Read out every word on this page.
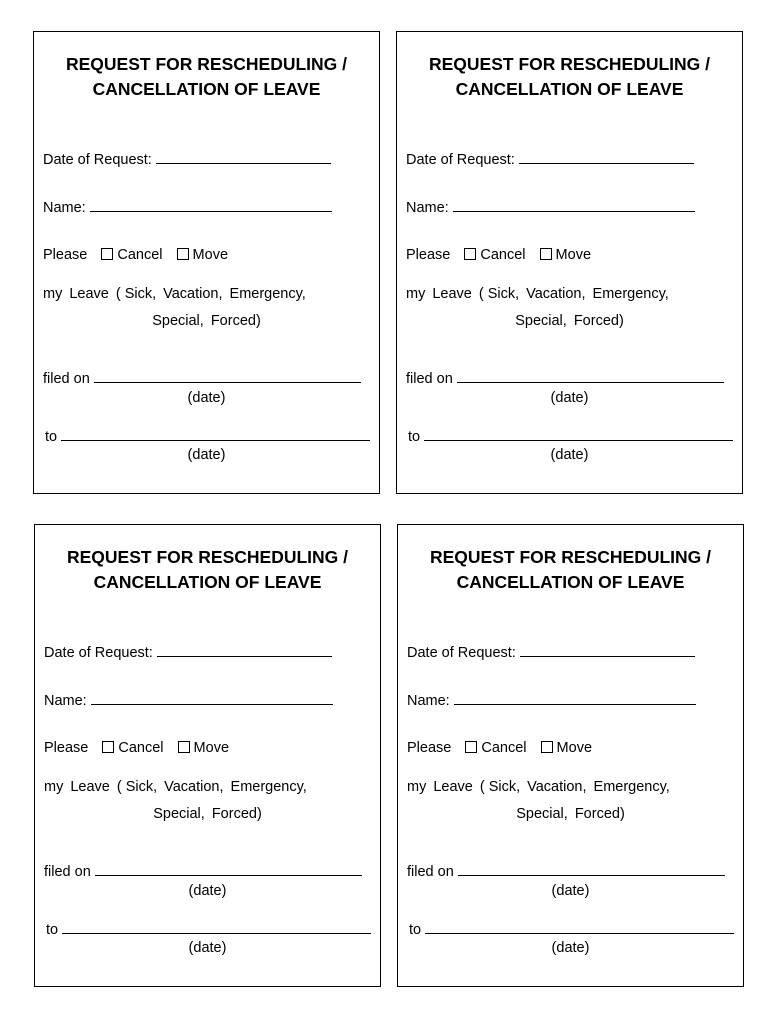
REQUEST FOR RESCHEDULING /
CANCELLATION OF LEAVE
Date of Request:
Name:
Please Cancel Move
my Leave ( Sick, Vacation, Emergency,
Special, Forced)
filed on
(date)
to
(date)
REQUEST FOR RESCHEDULING /
CANCELLATION OF LEAVE
Date of Request:
Name:
Please Cancel Move
my Leave ( Sick, Vacation, Emergency,
Special, Forced)
filed on
(date)
to
(date)
REQUEST FOR RESCHEDULING /
CANCELLATION OF LEAVE
Date of Request:
Name:
Please Cancel Move
my Leave ( Sick, Vacation, Emergency,
Special, Forced)
filed on
(date)
to
(date)
REQUEST FOR RESCHEDULING /
CANCELLATION OF LEAVE
Date of Request:
Name:
Please Cancel Move
my Leave ( Sick, Vacation, Emergency,
Special, Forced)
filed on
(date)
to
(date)
